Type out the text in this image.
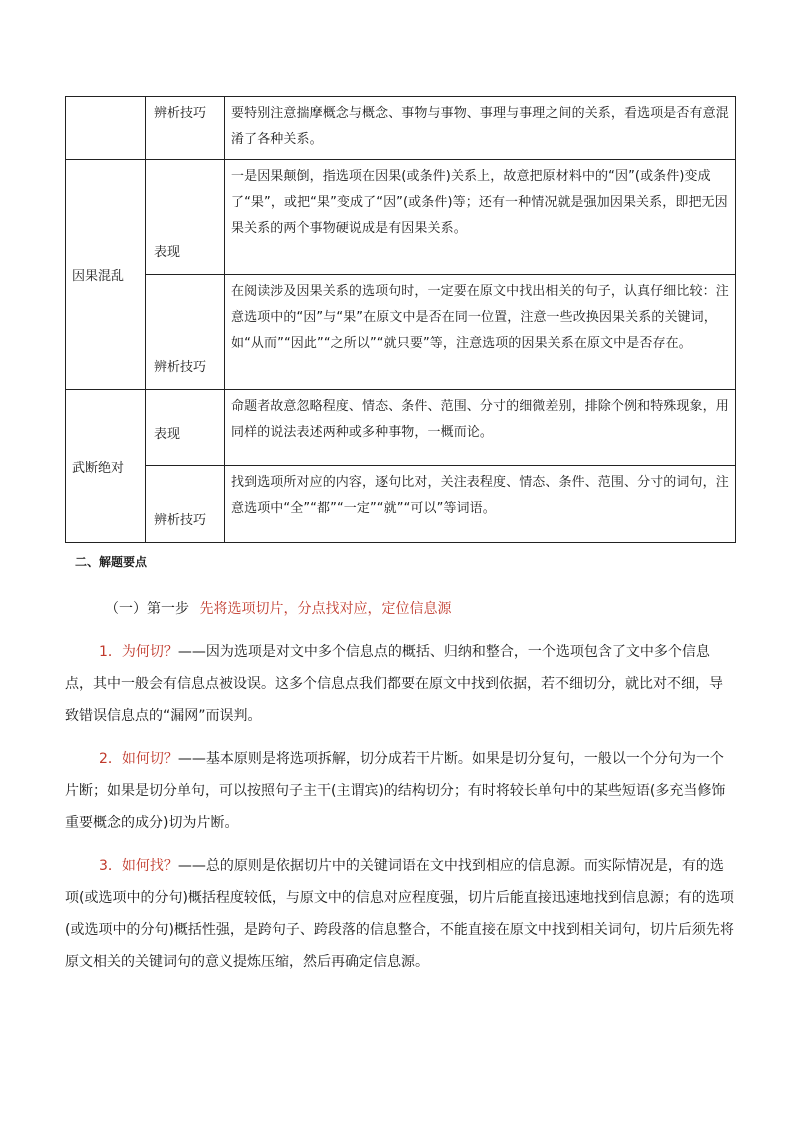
	辨析技巧	要特别注意揣摩概念与概念、事物与事物、事理与事理之间的关系，看选项是否有意混淆了各种关系。

因果混乱	表现	一是因果颠倒，指选项在因果(或条件)关系上，故意把原材料中的“因”(或条件)变成了“果”，或把“果”变成了“因”(或条件)等；还有一种情况就是强加因果关系，即把无因果关系的两个事物硬说成是有因果关系。

	辨析技巧	在阅读涉及因果关系的选项句时，一定要在原文中找出相关的句子，认真仔细比较：注意选项中的“因”与“果”在原文中是否在同一位置，注意一些改换因果关系的关键词，如“从而”“因此”“之所以”“就只要”等，注意选项的因果关系在原文中是否存在。

武断绝对	表现	命题者故意忽略程度、情态、条件、范围、分寸的细微差别，排除个例和特殊现象，用同样的说法表述两种或多种事物，一概而论。

	辨析技巧	找到选项所对应的内容，逐句比对，关注表程度、情态、条件、范围、分寸的词句，注意选项中“全”“都”“一定”“就”“可以”等词语。
二、解题要点
（一）第一步 先将选项切片，分点找对应，定位信息源
1．为何切？——因为选项是对文中多个信息点的概括、归纳和整合，一个选项包含了文中多个信息点，其中一般会有信息点被设误。这多个信息点我们都要在原文中找到依据，若不细切分，就比对不细，导致错误信息点的“漏网”而误判。
2．如何切？——基本原则是将选项拆解，切分成若干片断。如果是切分复句，一般以一个分句为一个片断；如果是切分单句，可以按照句子主干(主谓宾)的结构切分；有时将较长单句中的某些短语(多充当修饰重要概念的成分)切为片断。
3．如何找？——总的原则是依据切片中的关键词语在文中找到相应的信息源。而实际情况是，有的选项(或选项中的分句)概括程度较低，与原文中的信息对应程度强，切片后能直接迅速地找到信息源；有的选项(或选项中的分句)概括性强，是跨句子、跨段落的信息整合，不能直接在原文中找到相关词句，切片后须先将原文相关的关键词句的意义提炼压缩，然后再确定信息源。
